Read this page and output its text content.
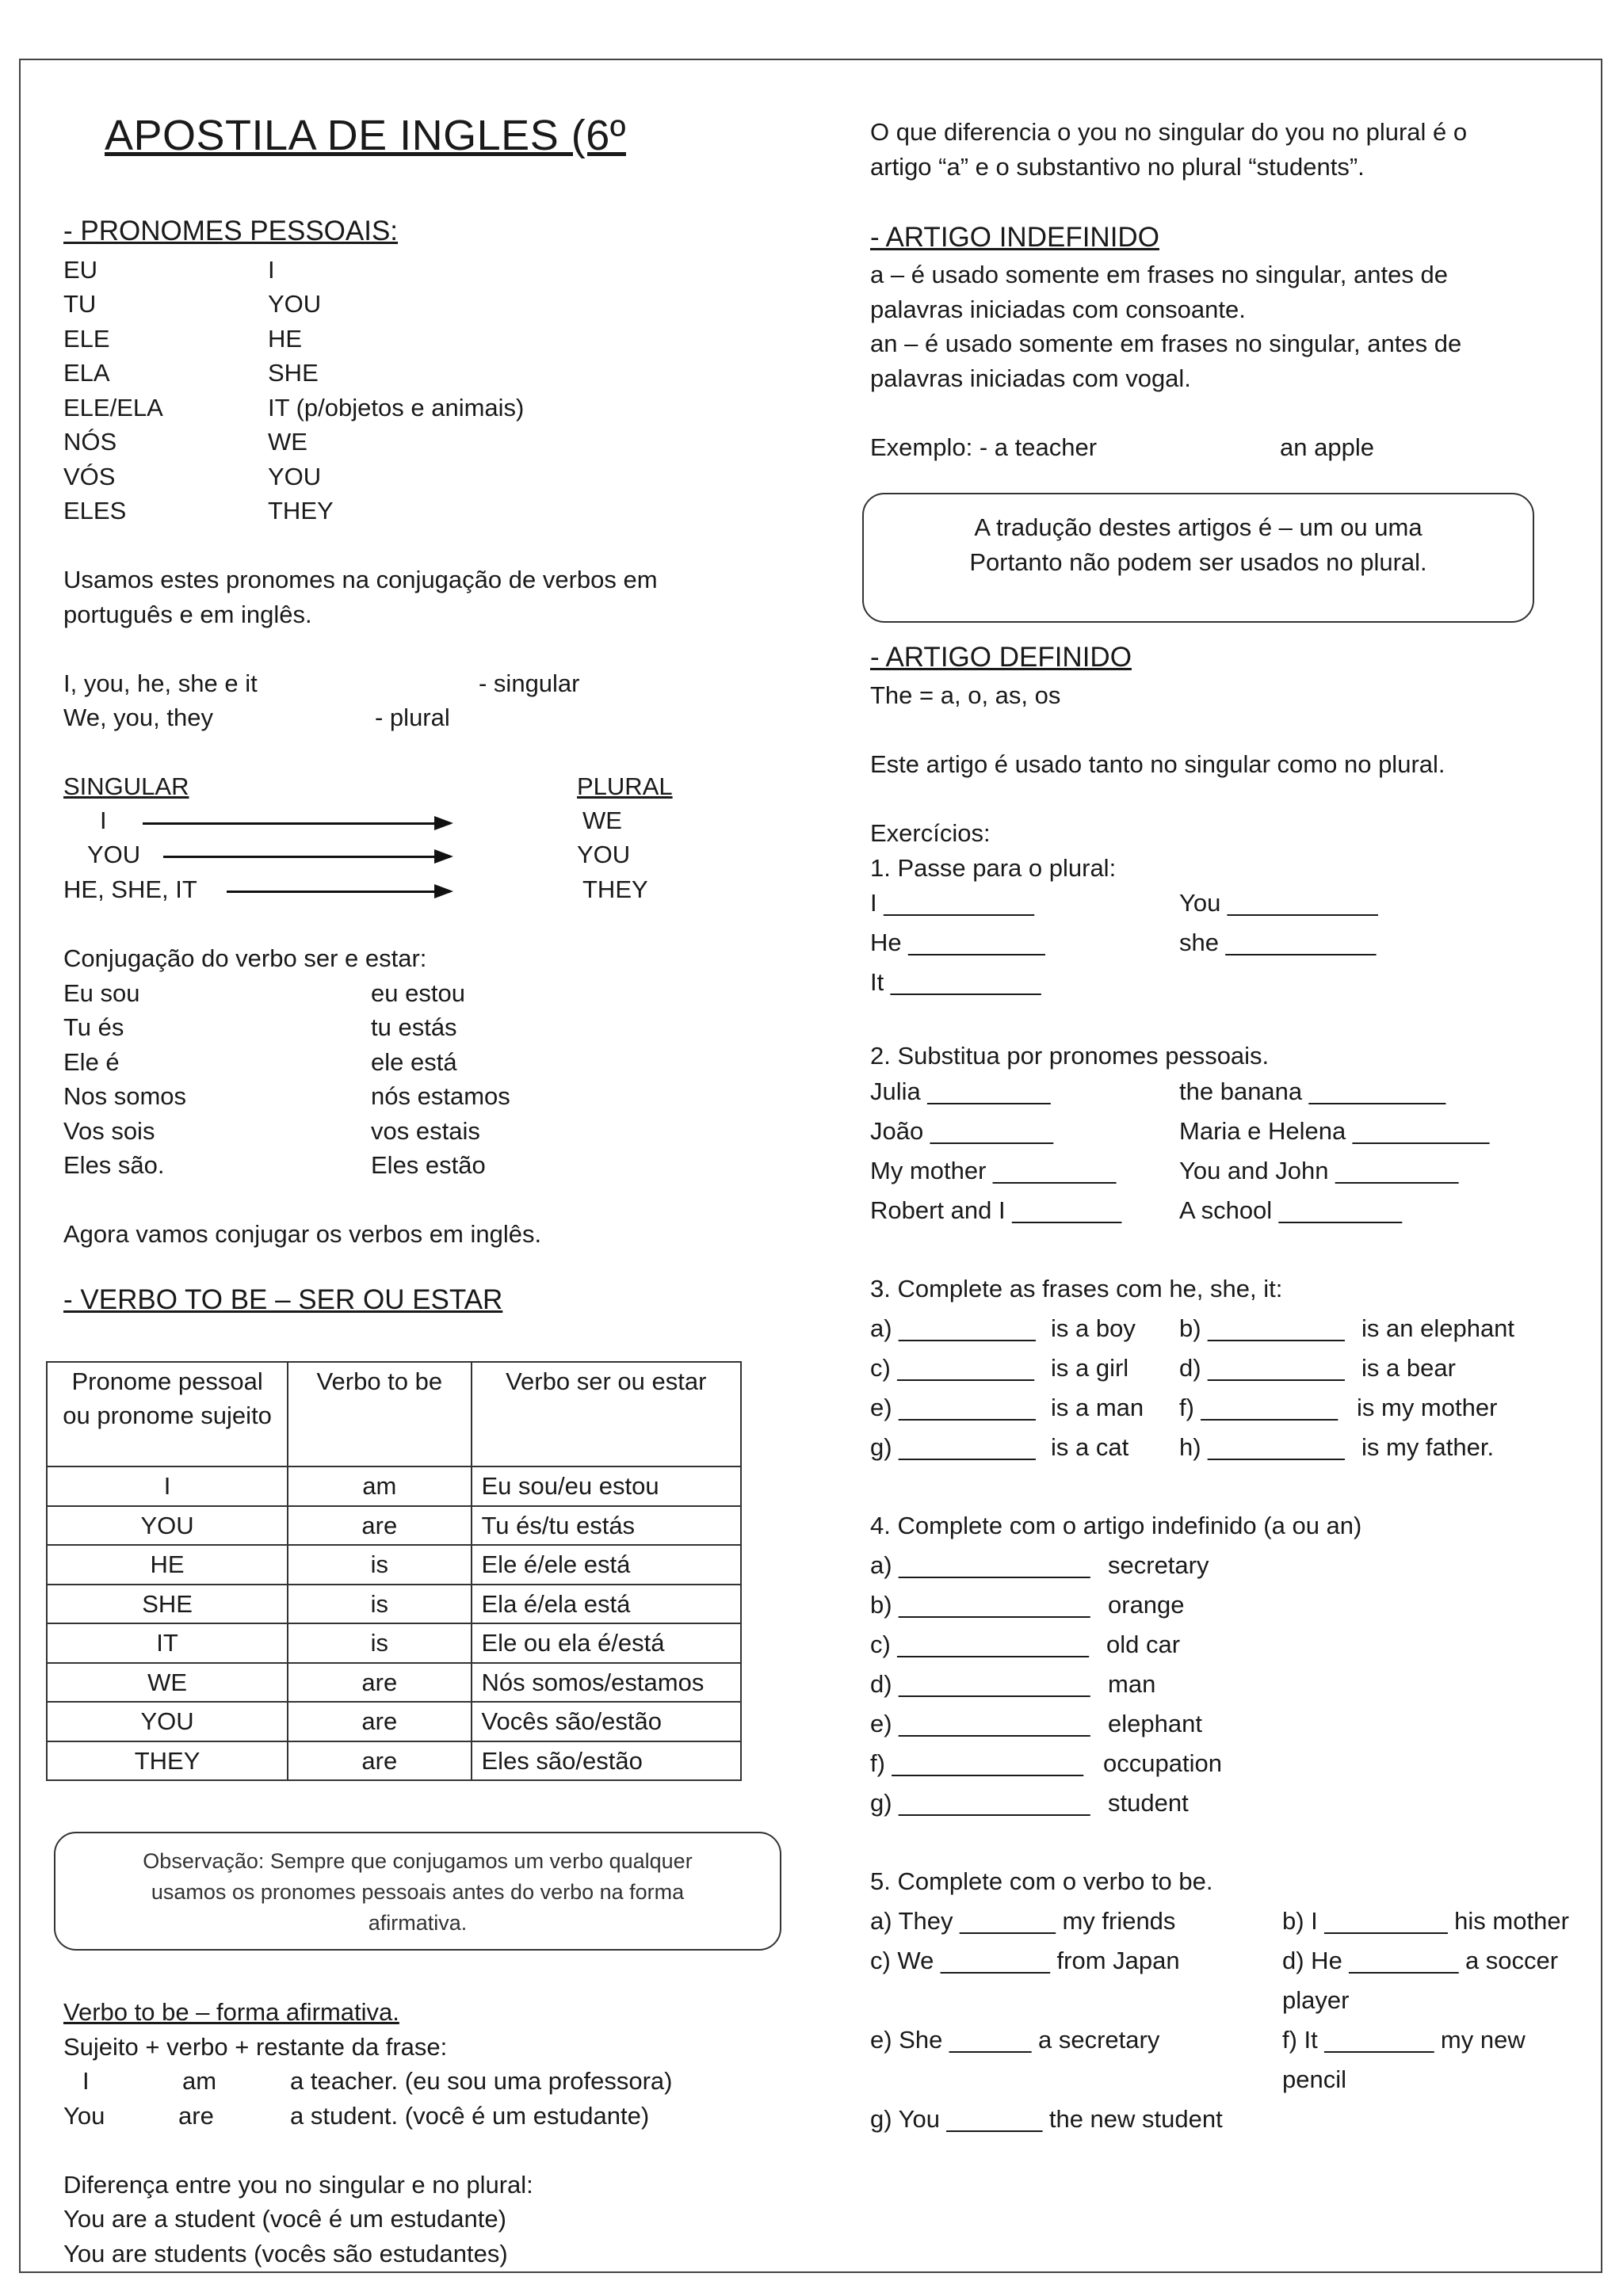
APOSTILA DE INGLES (6º
- PRONOMES PESSOAIS:
EU	I
TU	YOU
ELE	HE
ELA	SHE
ELE/ELA	IT (p/objetos e animais)
NÓS	WE
VÓS	YOU
ELES	THEY
Usamos estes pronomes na conjugação de verbos em
português e em inglês.
I, you, he, she e it	- singular
We, you, they	- plural
SINGULAR	PLURAL
I	WE
YOU	YOU
HE, SHE, IT	THEY
Conjugação do verbo ser e estar:
Eu sou	eu estou
Tu és	tu estás
Ele é	ele está
Nos somos	nós estamos
Vos sois	vos estais
Eles são.	Eles estão
Agora vamos conjugar os verbos em inglês.
- VERBO TO BE – SER OU ESTAR
Pronome pessoal ou pronome sujeito	Verbo to be	Verbo ser ou estar
I	am	Eu sou/eu estou
YOU	are	Tu és/tu estás
HE	is	Ele é/ele está
SHE	is	Ela é/ela está
IT	is	Ele ou ela é/está
WE	are	Nós somos/estamos
YOU	are	Vocês são/estão
THEY	are	Eles são/estão
Observação: Sempre que conjugamos um verbo qualquer
usamos os pronomes pessoais antes do verbo na forma
afirmativa.
Verbo to be – forma afirmativa.
Sujeito + verbo + restante da frase:
I	am	a teacher. (eu sou uma professora)
You	are	a student. (você é um estudante)
Diferença entre you no singular e no plural:
You are a student (você é um estudante)
You are students (vocês são estudantes)
O que diferencia o you no singular do you no plural é o
artigo “a” e o substantivo no plural “students”.
- ARTIGO INDEFINIDO
a – é usado somente em frases no singular, antes de
palavras iniciadas com consoante.
an – é usado somente em frases no singular, antes de
palavras iniciadas com vogal.
Exemplo: - a teacher	an apple
A tradução destes artigos é – um ou uma
Portanto não podem ser usados no plural.
- ARTIGO DEFINIDO
The = a, o, as, os
Este artigo é usado tanto no singular como no plural.
Exercícios:
1. Passe para o plural:
I ___________	You ___________
He __________	she ___________
It ___________
2. Substitua por pronomes pessoais.
Julia _________	the banana __________
João _________	Maria e Helena __________
My mother _________	You and John _________
Robert and I ________ A school _________
3. Complete as frases com he, she, it:
a) __________ is a boy b) __________ is an elephant
c) __________ is a girl d) __________ is a bear
e) __________ is a man f) __________ is my mother
g) __________ is a cat h) __________ is my father.
4. Complete com o artigo indefinido (a ou an)
a) ______________ secretary
b) ______________ orange
c) ______________ old car
d) ______________ man
e) ______________ elephant
f) ______________ occupation
g) ______________ student
5. Complete com o verbo to be.
a) They _______ my friends	b) I _________ his mother
c) We ________ from Japan	d) He ________ a soccer
player
e) She ______ a secretary	f) It ________ my new
pencil
g) You _______ the new student
